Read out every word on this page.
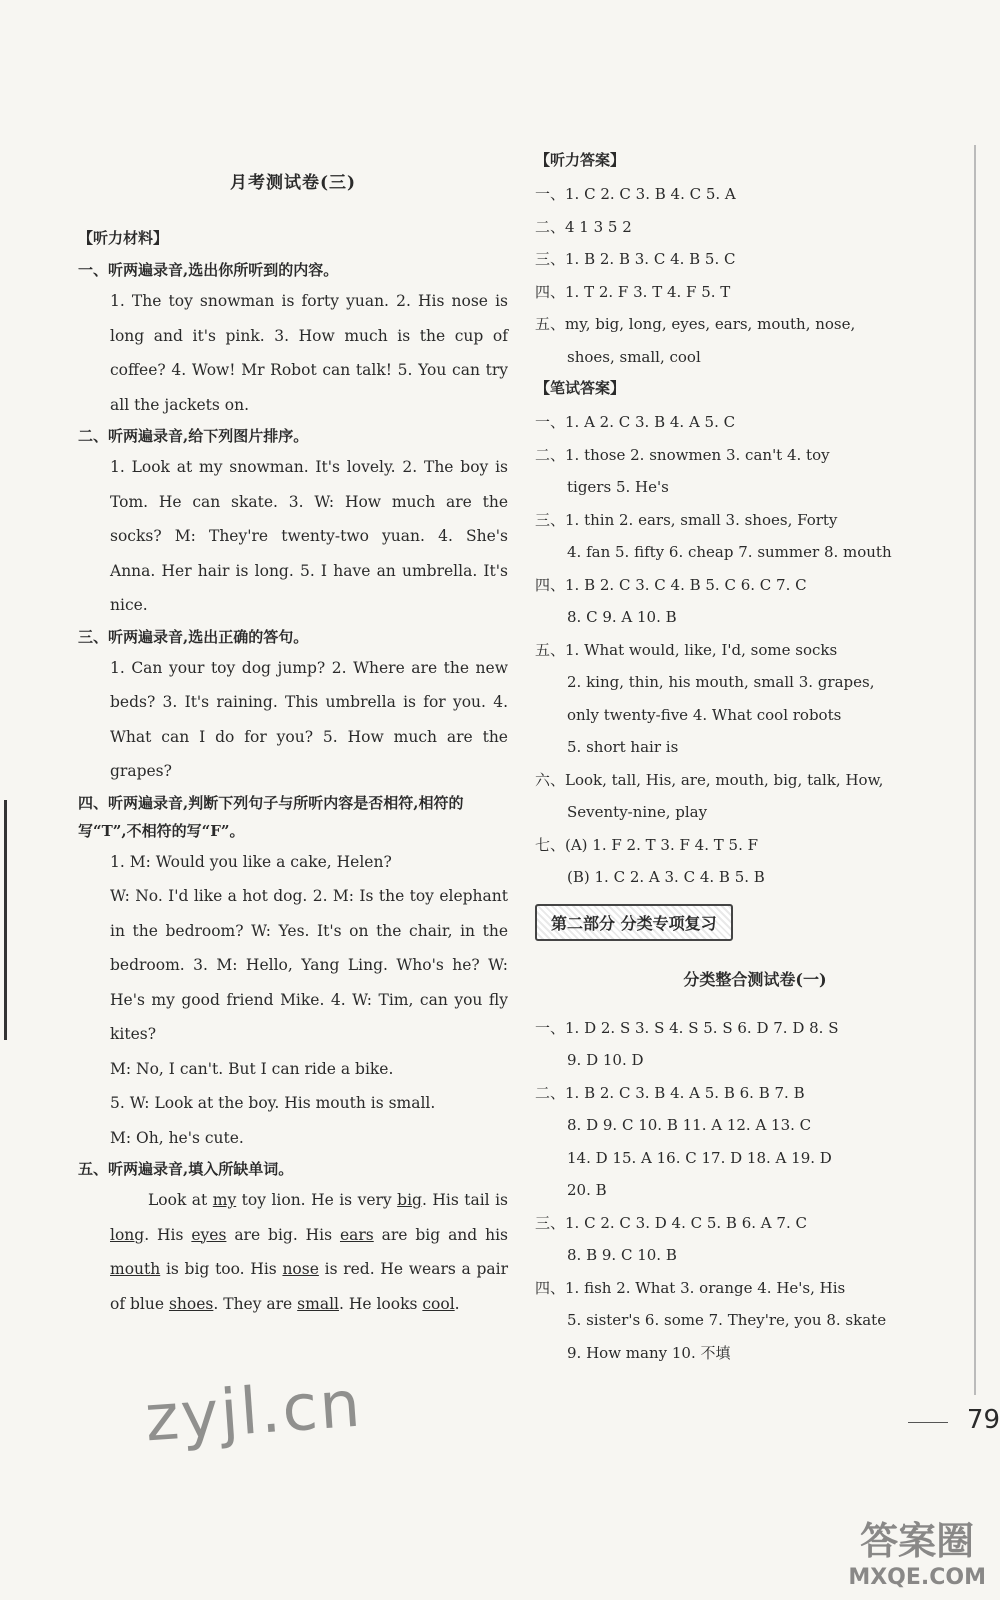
月考测试卷(三)
【听力材料】
一、听两遍录音,选出你所听到的内容。
1. The toy snowman is forty yuan. 2. His nose is long and it's pink. 3. How much is the cup of coffee? 4. Wow! Mr Robot can talk! 5. You can try all the jackets on.
二、听两遍录音,给下列图片排序。
1. Look at my snowman. It's lovely. 2. The boy is Tom. He can skate. 3. W: How much are the socks? M: They're twenty-two yuan. 4. She's Anna. Her hair is long. 5. I have an umbrella. It's nice.
三、听两遍录音,选出正确的答句。
1. Can your toy dog jump? 2. Where are the new beds? 3. It's raining. This umbrella is for you. 4. What can I do for you? 5. How much are the grapes?
四、听两遍录音,判断下列句子与所听内容是否相符,相符的写“T”,不相符的写“F”。
1. M: Would you like a cake, Helen?
W: No. I'd like a hot dog. 2. M: Is the toy elephant in the bedroom? W: Yes. It's on the chair, in the bedroom. 3. M: Hello, Yang Ling. Who's he? W: He's my good friend Mike. 4. W: Tim, can you fly kites?
M: No, I can't. But I can ride a bike.
5. W: Look at the boy. His mouth is small.
M: Oh, he's cute.
五、听两遍录音,填入所缺单词。
Look at my toy lion. He is very big. His tail is long. His eyes are big. His ears are big and his mouth is big too. His nose is red. He wears a pair of blue shoes. They are small. He looks cool.
【听力答案】
一、1. C 2. C 3. B 4. C 5. A
二、4 1 3 5 2
三、1. B 2. B 3. C 4. B 5. C
四、1. T 2. F 3. T 4. F 5. T
五、my, big, long, eyes, ears, mouth, nose,
shoes, small, cool
【笔试答案】
一、1. A 2. C 3. B 4. A 5. C
二、1. those 2. snowmen 3. can't 4. toy
tigers 5. He's
三、1. thin 2. ears, small 3. shoes, Forty
4. fan 5. fifty 6. cheap 7. summer 8. mouth
四、1. B 2. C 3. C 4. B 5. C 6. C 7. C
8. C 9. A 10. B
五、1. What would, like, I'd, some socks
2. king, thin, his mouth, small 3. grapes,
only twenty-five 4. What cool robots
5. short hair is
六、Look, tall, His, are, mouth, big, talk, How,
Seventy-nine, play
七、(A) 1. F 2. T 3. F 4. T 5. F
(B) 1. C 2. A 3. C 4. B 5. B
第二部分 分类专项复习
分类整合测试卷(一)
一、1. D 2. S 3. S 4. S 5. S 6. D 7. D 8. S
9. D 10. D
二、1. B 2. C 3. B 4. A 5. B 6. B 7. B
8. D 9. C 10. B 11. A 12. A 13. C
14. D 15. A 16. C 17. D 18. A 19. D
20. B
三、1. C 2. C 3. D 4. C 5. B 6. A 7. C
8. B 9. C 10. B
四、1. fish 2. What 3. orange 4. He's, His
5. sister's 6. some 7. They're, you 8. skate
9. How many 10. 不填
79
zyjl.cn
答案圈
MXQE.COM
